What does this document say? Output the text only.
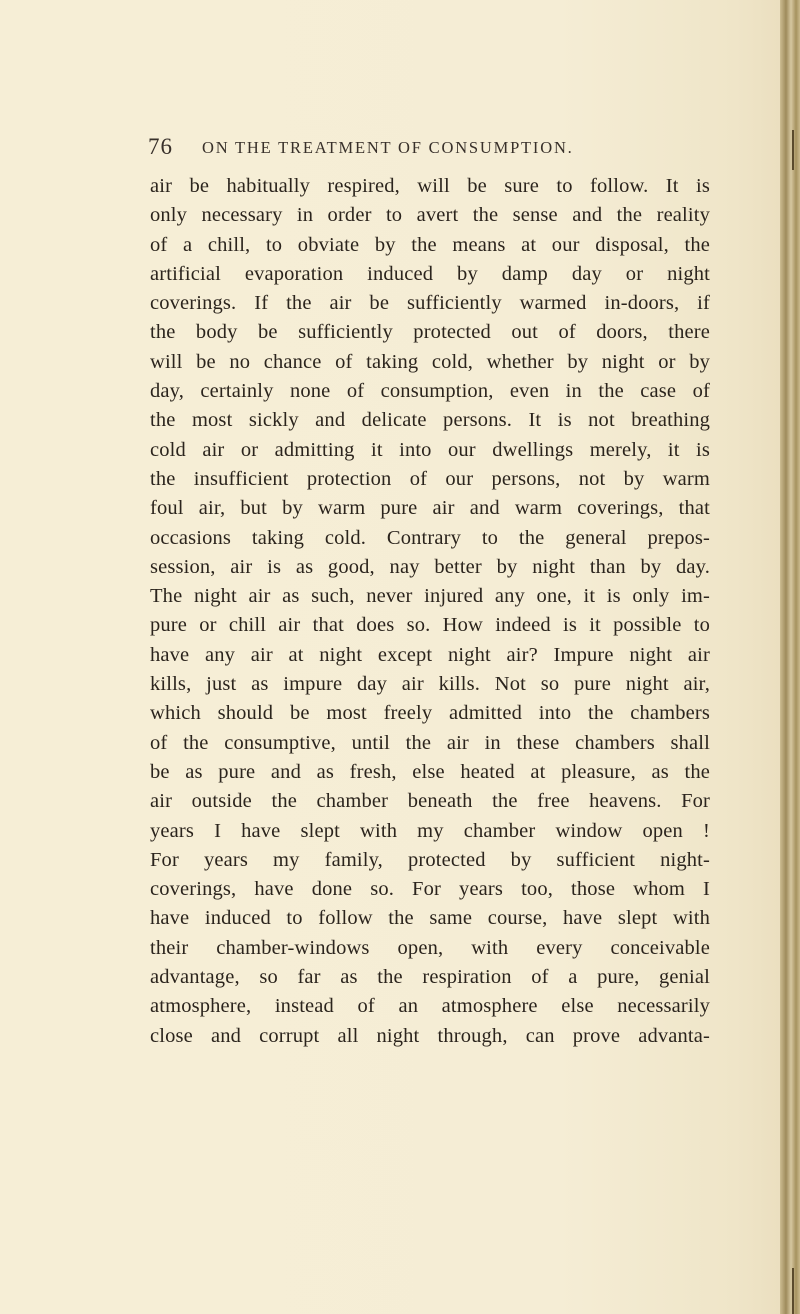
76 ON THE TREATMENT OF CONSUMPTION.
air be habitually respired, will be sure to follow. It is
only necessary in order to avert the sense and the reality
of a chill, to obviate by the means at our disposal, the
artificial evaporation induced by damp day or night
coverings. If the air be sufficiently warmed in-doors, if
the body be sufficiently protected out of doors, there
will be no chance of taking cold, whether by night or by
day, certainly none of consumption, even in the case of
the most sickly and delicate persons. It is not breathing
cold air or admitting it into our dwellings merely, it is
the insufficient protection of our persons, not by warm
foul air, but by warm pure air and warm coverings, that
occasions taking cold. Contrary to the general prepos-
session, air is as good, nay better by night than by day.
The night air as such, never injured any one, it is only im-
pure or chill air that does so. How indeed is it possible to
have any air at night except night air? Impure night air
kills, just as impure day air kills. Not so pure night air,
which should be most freely admitted into the chambers
of the consumptive, until the air in these chambers shall
be as pure and as fresh, else heated at pleasure, as the
air outside the chamber beneath the free heavens. For
years I have slept with my chamber window open !
For years my family, protected by sufficient night-
coverings, have done so. For years too, those whom I
have induced to follow the same course, have slept with
their chamber-windows open, with every conceivable
advantage, so far as the respiration of a pure, genial
atmosphere, instead of an atmosphere else necessarily
close and corrupt all night through, can prove advanta-
